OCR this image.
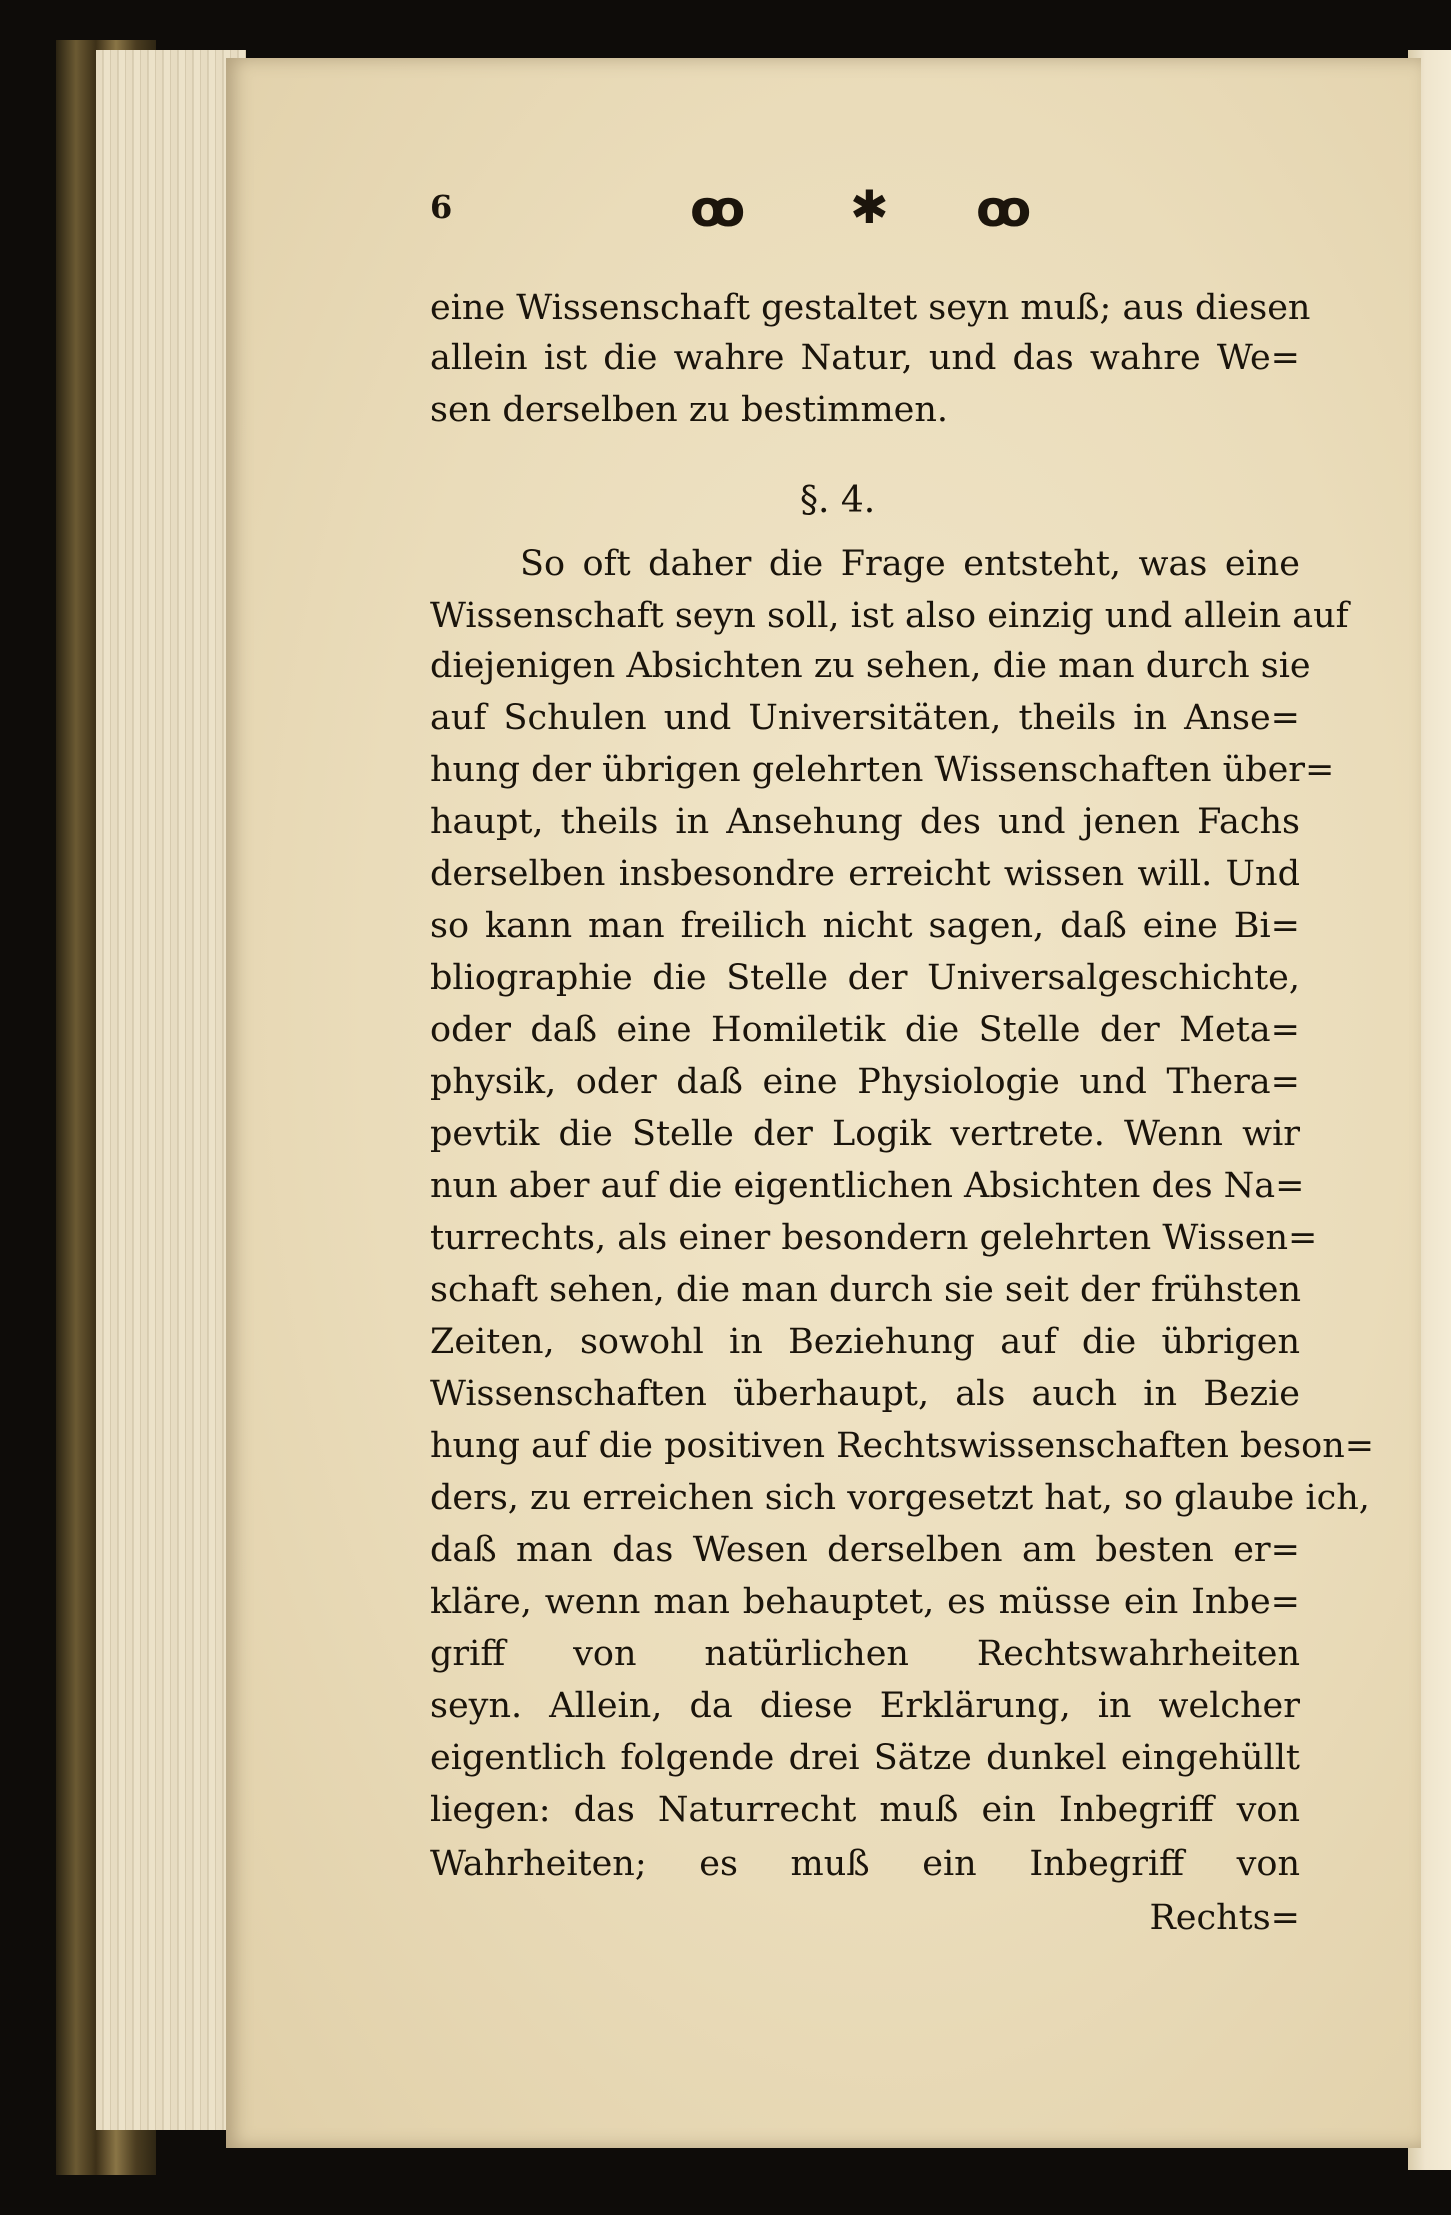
6	ꝏ ✱ ꝏ
eine Wissenschaft gestaltet seyn muß; aus diesen
allein ist die wahre Natur, und das wahre We=
sen derselben zu bestimmen.
§. 4.
So oft daher die Frage entsteht, was eine
Wissenschaft seyn soll, ist also einzig und allein auf
diejenigen Absichten zu sehen, die man durch sie
auf Schulen und Universitäten, theils in Anse=
hung der übrigen gelehrten Wissenschaften über=
haupt, theils in Ansehung des und jenen Fachs
derselben insbesondre erreicht wissen will. Und
so kann man freilich nicht sagen, daß eine Bi=
bliographie die Stelle der Universalgeschichte,
oder daß eine Homiletik die Stelle der Meta=
physik, oder daß eine Physiologie und Thera=
pevtik die Stelle der Logik vertrete. Wenn wir
nun aber auf die eigentlichen Absichten des Na=
turrechts, als einer besondern gelehrten Wissen=
schaft sehen, die man durch sie seit der frühsten
Zeiten, sowohl in Beziehung auf die übrigen
Wissenschaften überhaupt, als auch in Bezie
hung auf die positiven Rechtswissenschaften beson=
ders, zu erreichen sich vorgesetzt hat, so glaube ich,
daß man das Wesen derselben am besten er=
kläre, wenn man behauptet, es müsse ein Inbe=
griff von natürlichen Rechtswahrheiten
seyn. Allein, da diese Erklärung, in welcher
eigentlich folgende drei Sätze dunkel eingehüllt
liegen: das Naturrecht muß ein Inbegriff von
Wahrheiten; es muß ein Inbegriff von
Rechts=
